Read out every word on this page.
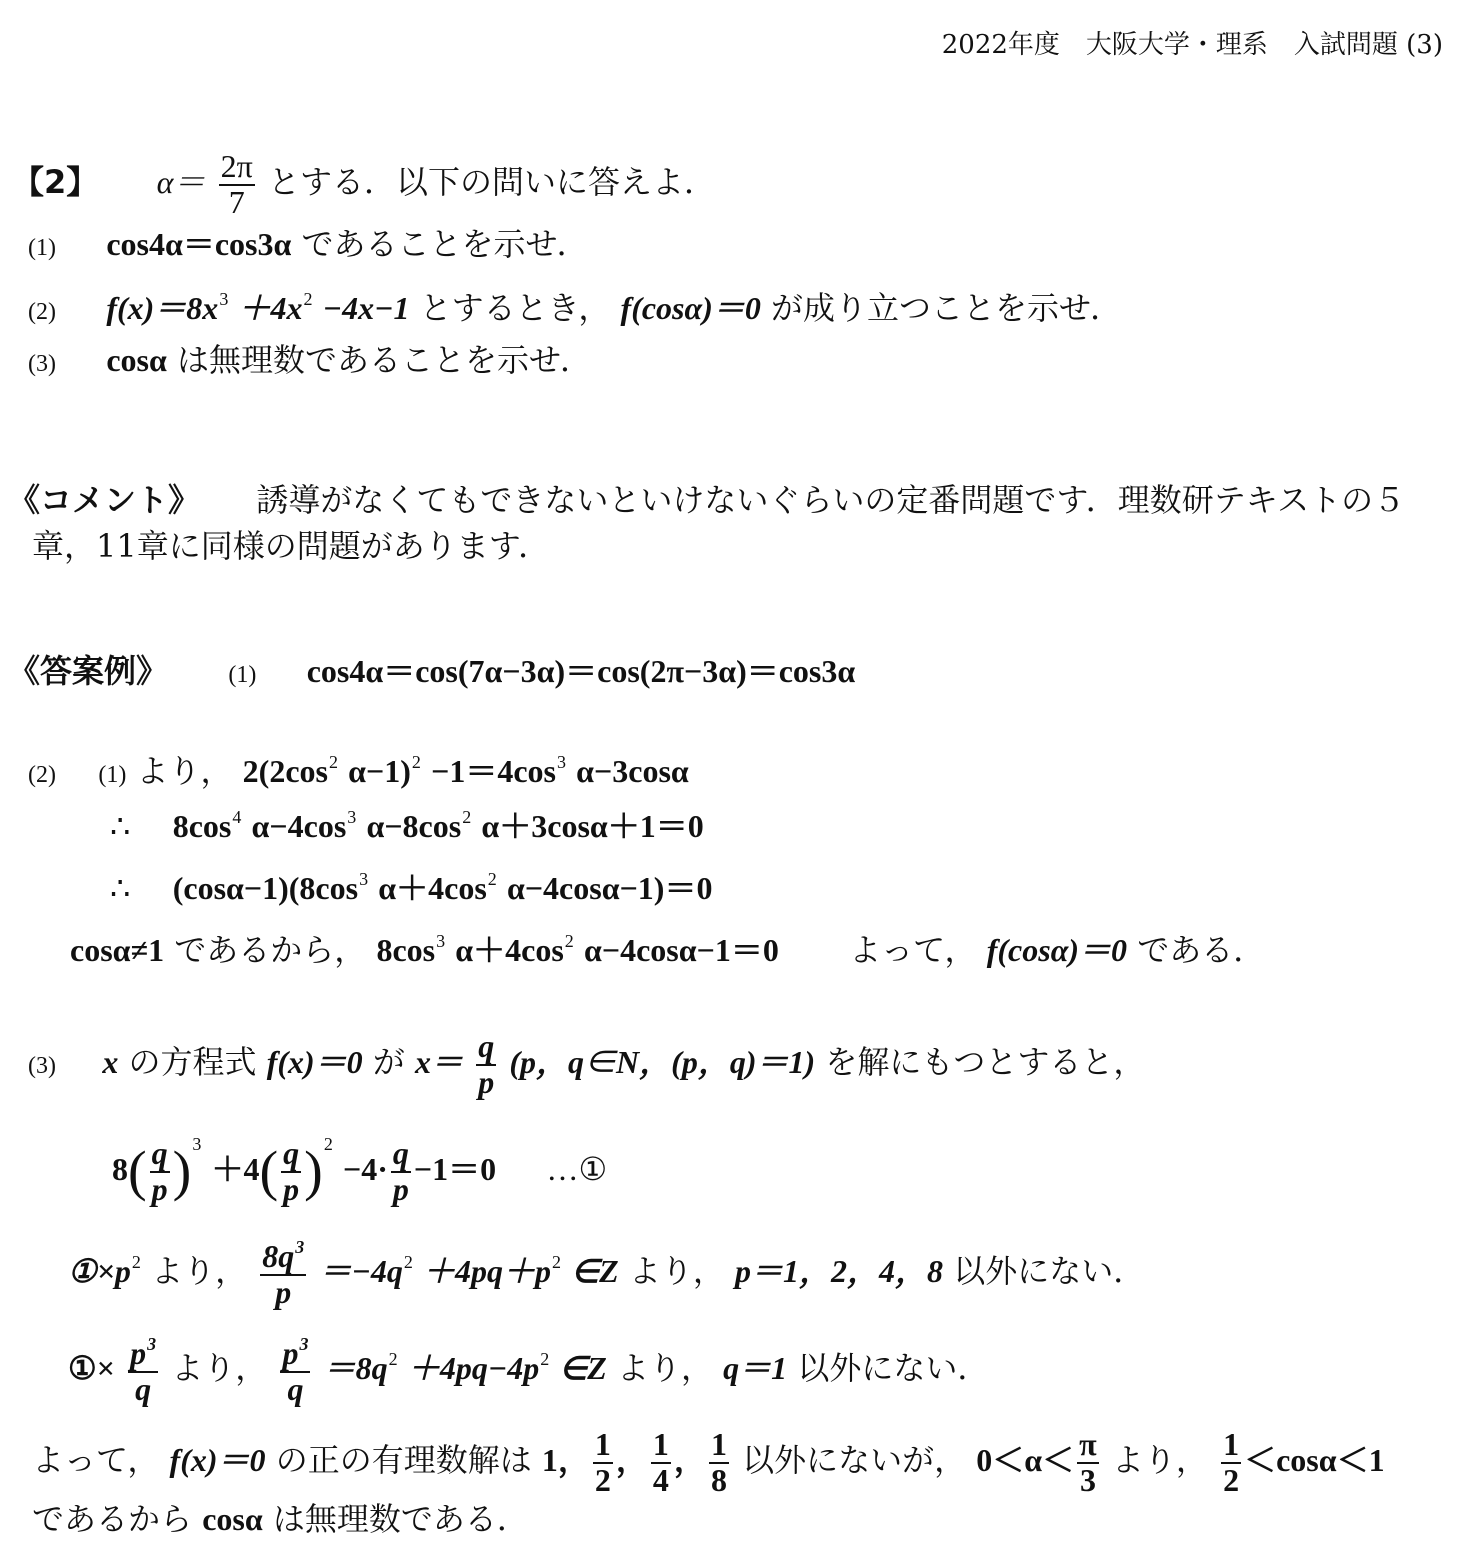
2022年度　大阪大学・理系　入試問題 (3)
【2】 $\alpha= \frac{2\pi}{7}$ とする．以下の問いに答えよ．
(1) cos4α＝cos3α であることを示せ．
(2) $f(x)=8x^3 +4x^2 -4x-1$ とするとき， f(cosα)＝0 が成り立つことを示せ．
(3) cosα は無理数であることを示せ．
《コメント》 誘導がなくてもできないといけないぐらいの定番問題です．理数研テキストの５
章，11章に同様の問題があります．
《答案例》	(1) cos4α＝cos(7α−3α)＝cos(2π−3α)＝cos3α
(2) (1) より， $2(2\cos^2$ $\alpha-1)^2 -1=4\cos^3$ α−3cosα
∴ $8\cos^4$ $\alpha-4\cos^3$ $\alpha-8\cos^2$ α＋3cosα＋1＝0
∴ $(\cos\alpha-1)(8\cos^3$ $\alpha+4\cos^2$ α−4cosα−1)＝0
cosα≠1 であるから， $8\cos^3$ $\alpha+4\cos^2$ α−4cosα−1＝0 よって， f(cosα)＝0 である．
(3) x の方程式 f(x)＝0 が $x= \frac{q}{p} (p$，q∈N，(p，q)＝1) を解にもつとすると，
$8( \frac{q}{p} )^3 +4( \frac{q}{p} )^2 -4\cdot \frac{q}{p} -1=0$ …①
$①\times p^2$ より， $\frac{8q^3}{p} =-4q^2 +4pq+p^2$ ∈Z より， p＝1，2，4，8 以外にない．
①× $\frac{p^3}{q}$ より， $\frac{p^3}{q} =8q^2 +4pq-4p^2$ ∈Z より， q＝1 以外にない．
よって， f(x)＝0 の正の有理数解は 1， $\frac{1}{2}$ ， $\frac{1}{4}$ ， $\frac{1}{8}$ 以外にないが， $0<\alpha< \frac{\pi}{3}$ より， $\frac{1}{2} <\cos\alpha<1$
であるから cosα は無理数である．
